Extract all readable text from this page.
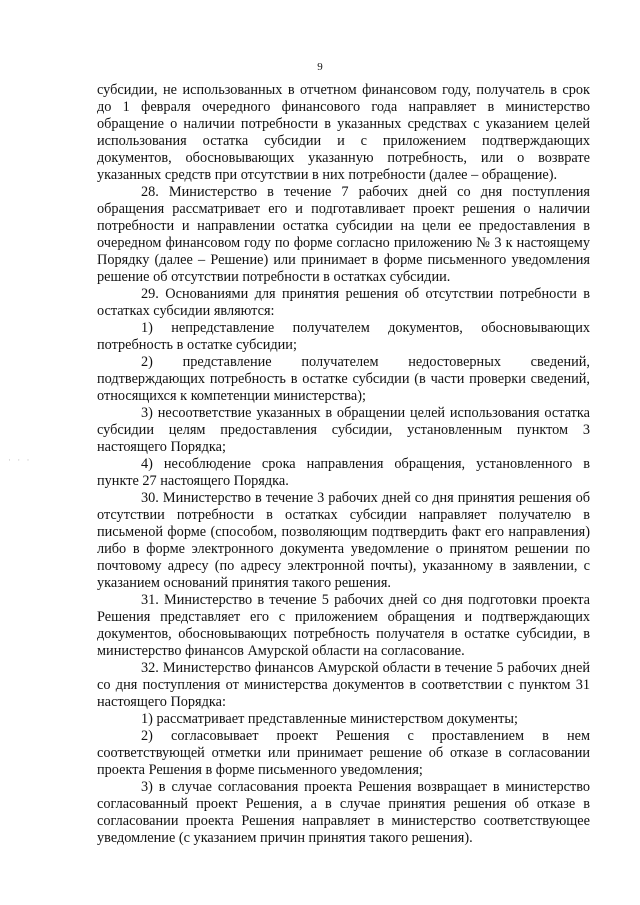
9
· · ·

субсидии, не использованных в отчетном финансовом году, получатель в срок до 1 февраля очередного финансового года направляет в министерство обращение о наличии потребности в указанных средствах с указанием целей использования остатка субсидии и с приложением подтверждающих документов, обосновывающих указанную потребность, или о возврате указанных средств при отсутствии в них потребности (далее – обращение).

28. Министерство в течение 7 рабочих дней со дня поступления обращения рассматривает его и подготавливает проект решения о наличии потребности и направлении остатка субсидии на цели ее предоставления в очередном финансовом году по форме согласно приложению № 3 к настоящему Порядку (далее – Решение) или принимает в форме письменного уведомления решение об отсутствии потребности в остатках субсидии.

29. Основаниями для принятия решения об отсутствии потребности в остатках субсидии являются:

1) непредставление получателем документов, обосновывающих потребность в остатке субсидии;

2) представление получателем недостоверных сведений, подтверждающих потребность в остатке субсидии (в части проверки сведений, относящихся к компетенции министерства);

3) несоответствие указанных в обращении целей использования остатка субсидии целям предоставления субсидии, установленным пунктом 3 настоящего Порядка;

4) несоблюдение срока направления обращения, установленного в пункте 27 настоящего Порядка.

30. Министерство в течение 3 рабочих дней со дня принятия решения об отсутствии потребности в остатках субсидии направляет получателю в письменой форме (способом, позволяющим подтвердить факт его направления) либо в форме электронного документа уведомление о принятом решении по почтовому адресу (по адресу электронной почты), указанному в заявлении, с указанием оснований принятия такого решения.

31. Министерство в течение 5 рабочих дней со дня подготовки проекта Решения представляет его с приложением обращения и подтверждающих документов, обосновывающих потребность получателя в остатке субсидии, в министерство финансов Амурской области на согласование.

32. Министерство финансов Амурской области в течение 5 рабочих дней со дня поступления от министерства документов в соответствии с пунктом 31 настоящего Порядка:

1) рассматривает представленные министерством документы;

2) согласовывает проект Решения с проставлением в нем соответствующей отметки или принимает решение об отказе в согласовании проекта Решения в форме письменного уведомления;

3) в случае согласования проекта Решения возвращает в министерство согласованный проект Решения, а в случае принятия решения об отказе в согласовании проекта Решения направляет в министерство соответствующее уведомление (с указанием причин принятия такого решения).
